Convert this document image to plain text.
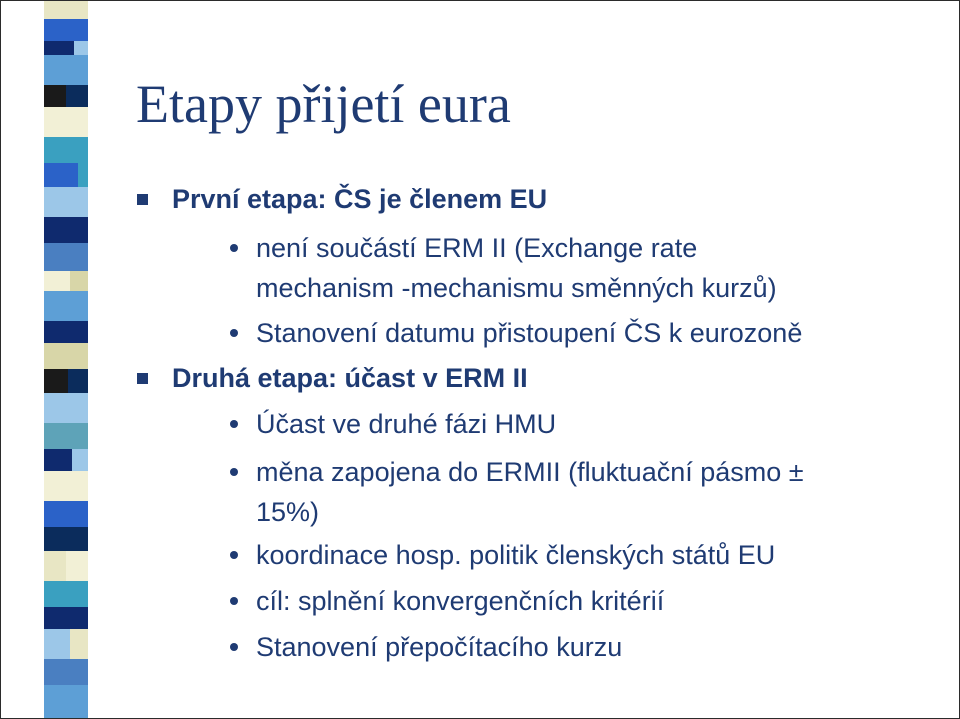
Etapy přijetí eura
První etapa: ČS je členem EU
není součástí ERM II (Exchange rate
mechanism -mechanismu směnných kurzů)
Stanovení datumu přistoupení ČS k eurozoně
Druhá etapa: účast v ERM II
Účast ve druhé fázi HMU
měna zapojena do ERMII (fluktuační pásmo ±
15%)
koordinace hosp. politik členských států EU
cíl: splnění konvergenčních kritérií
Stanovení přepočítacího kurzu
